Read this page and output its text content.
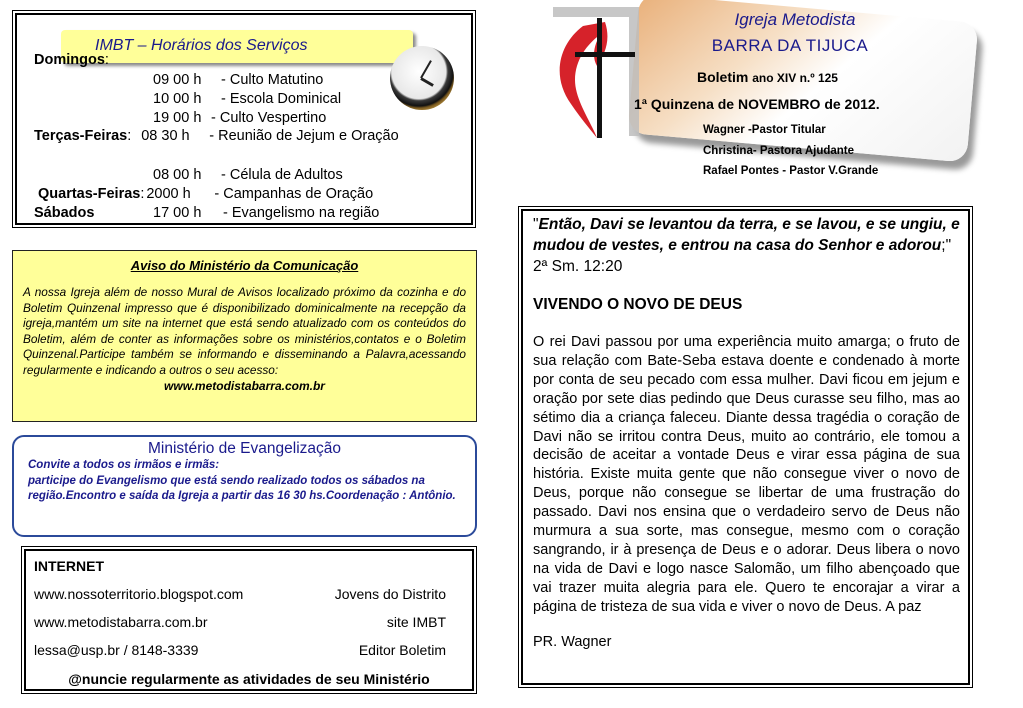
IMBT – Horários dos Serviços
Domingos:
09 00 h - Culto Matutino
10 00 h - Escola Dominical
19 00 h - Culto Vespertino
Terças-Feiras: 08 30 h - Reunião de Jejum e Oração
08 00 h - Célula de Adultos
Quartas-Feiras: 2000 h - Campanhas de Oração
Sábados	17 00 h - Evangelismo na região
Igreja Metodista
BARRA DA TIJUCA
Boletim ano XIV n.º 125
1ª Quinzena de NOVEMBRO de 2012.
Wagner -Pastor Titular
Christina- Pastora Ajudante
Rafael Pontes - Pastor V.Grande
Aviso do Ministério da Comunicação
A nossa Igreja além de nosso Mural de Avisos localizado próximo da cozinha e do Boletim Quinzenal impresso que é disponibilizado dominicalmente na recepção da igreja,mantém um site na internet que está sendo atualizado com os conteúdos do Boletim, além de conter as informações sobre os ministérios,contatos e o Boletim Quinzenal.Participe também se informando e disseminando a Palavra,acessando regularmente e indicando a outros o seu acesso:
www.metodistabarra.com.br
Ministério de Evangelização
Convite a todos os irmãos e irmãs:
participe do Evangelismo que está sendo realizado todos os sábados na região.Encontro e saída da Igreja a partir das 16 30 hs.Coordenação : Antônio.
INTERNET
www.nossoterritorio.blogspot.com	Jovens do Distrito
www.metodistabarra.com.br	site IMBT
lessa@usp.br / 8148-3339	Editor Boletim
@nuncie regularmente as atividades de seu Ministério
"Então, Davi se levantou da terra, e se lavou, e se ungiu, e mudou de vestes, e entrou na casa do Senhor e adorou;" 2ª Sm. 12:20
VIVENDO O NOVO DE DEUS
O rei Davi passou por uma experiência muito amarga; o fruto de sua relação com Bate-Seba estava doente e condenado à morte por conta de seu pecado com essa mulher. Davi ficou em jejum e oração por sete dias pedindo que Deus curasse seu filho, mas ao sétimo dia a criança faleceu. Diante dessa tragédia o coração de Davi não se irritou contra Deus, muito ao contrário, ele tomou a decisão de aceitar a vontade Deus e virar essa página de sua história. Existe muita gente que não consegue viver o novo de Deus, porque não consegue se libertar de uma frustração do passado. Davi nos ensina que o verdadeiro servo de Deus não murmura a sua sorte, mas consegue, mesmo com o coração sangrando, ir à presença de Deus e o adorar. Deus libera o novo na vida de Davi e logo nasce Salomão, um filho abençoado que vai trazer muita alegria para ele. Quero te encorajar a virar a página de tristeza de sua vida e viver o novo de Deus. A paz
PR. Wagner
